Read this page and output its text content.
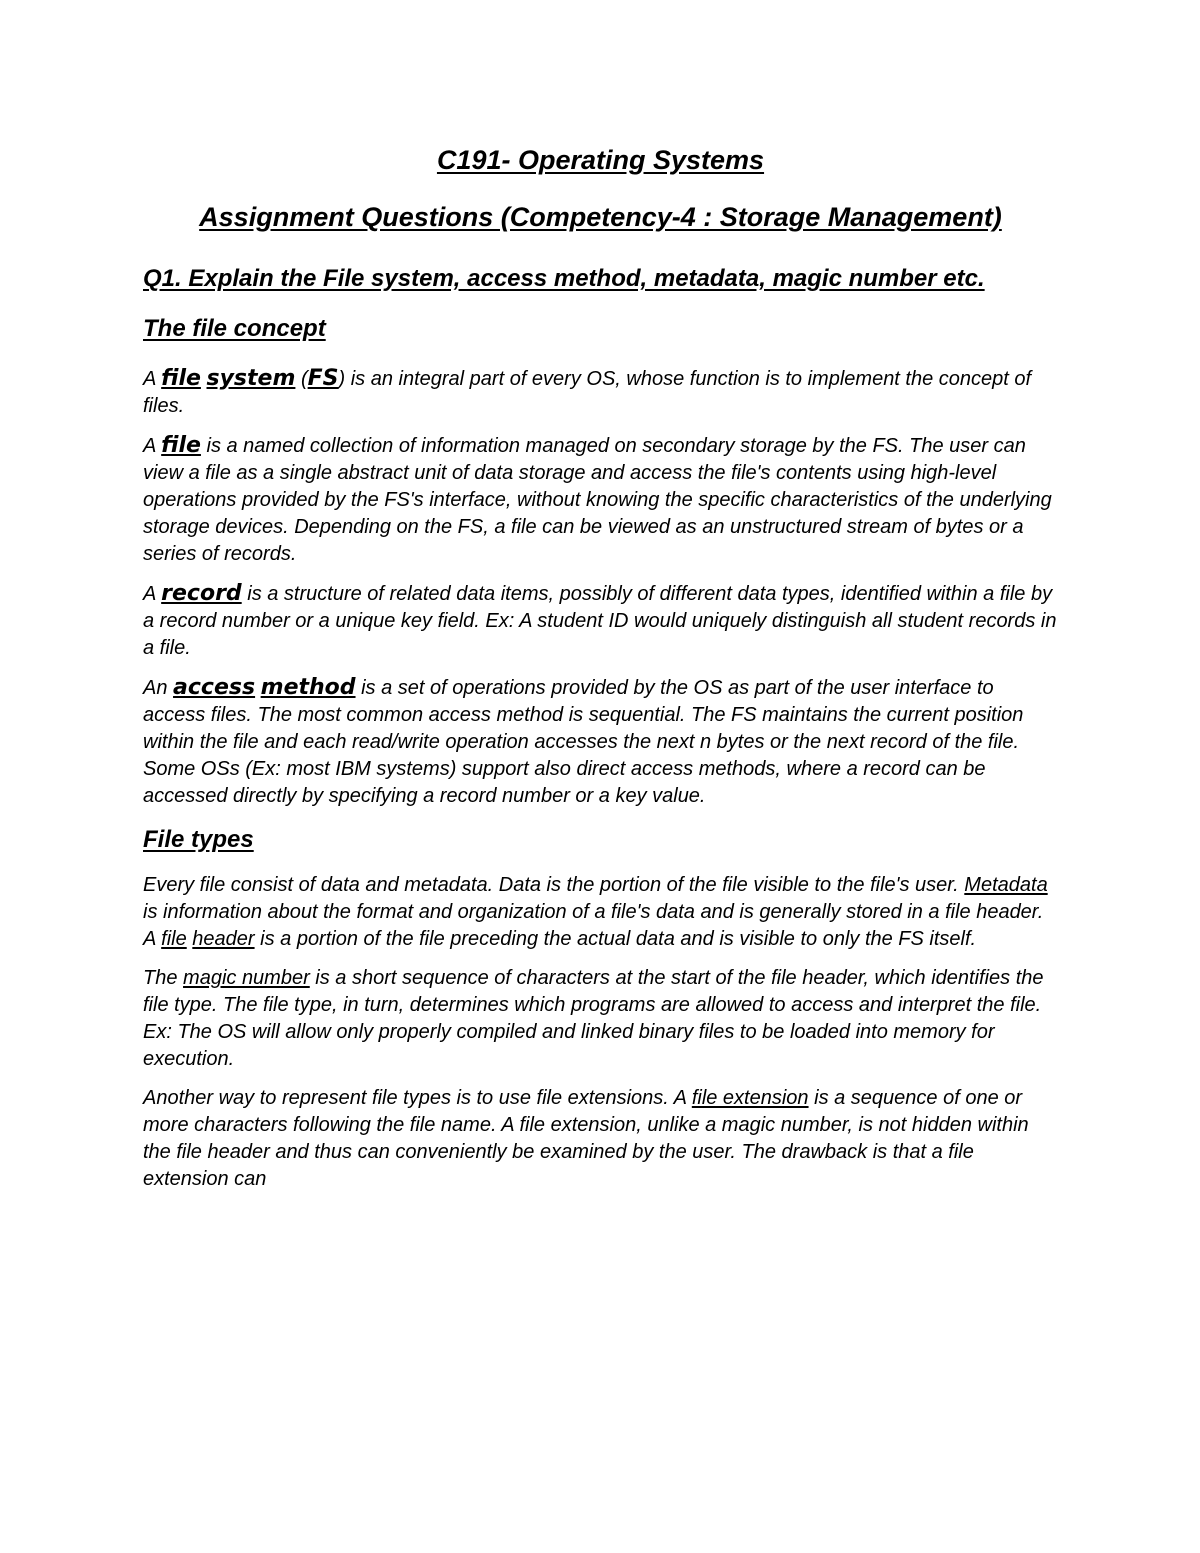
C191- Operating Systems
Assignment Questions (Competency-4 : Storage Management)
Q1. Explain the File system, access method, metadata, magic number etc.
The file concept

A file system (FS) is an integral part of every OS, whose function is to implement the concept of files.

A file is a named collection of information managed on secondary storage by the FS. The user can view a file as a single abstract unit of data storage and access the file's contents using high-level operations provided by the FS's interface, without knowing the specific characteristics of the underlying storage devices. Depending on the FS, a file can be viewed as an unstructured stream of bytes or a series of records.

A record is a structure of related data items, possibly of different data types, identified within a file by a record number or a unique key field. Ex: A student ID would uniquely distinguish all student records in a file.

An access method is a set of operations provided by the OS as part of the user interface to access files. The most common access method is sequential. The FS maintains the current position within the file and each read/write operation accesses the next n bytes or the next record of the file. Some OSs (Ex: most IBM systems) support also direct access methods, where a record can be accessed directly by specifying a record number or a key value.

File types

Every file consist of data and metadata. Data is the portion of the file visible to the file's user. Metadata is information about the format and organization of a file's data and is generally stored in a file header. A file header is a portion of the file preceding the actual data and is visible to only the FS itself.

The magic number is a short sequence of characters at the start of the file header, which identifies the file type. The file type, in turn, determines which programs are allowed to access and interpret the file. Ex: The OS will allow only properly compiled and linked binary files to be loaded into memory for execution.

Another way to represent file types is to use file extensions. A file extension is a sequence of one or more characters following the file name. A file extension, unlike a magic number, is not hidden within the file header and thus can conveniently be examined by the user. The drawback is that a file extension can
